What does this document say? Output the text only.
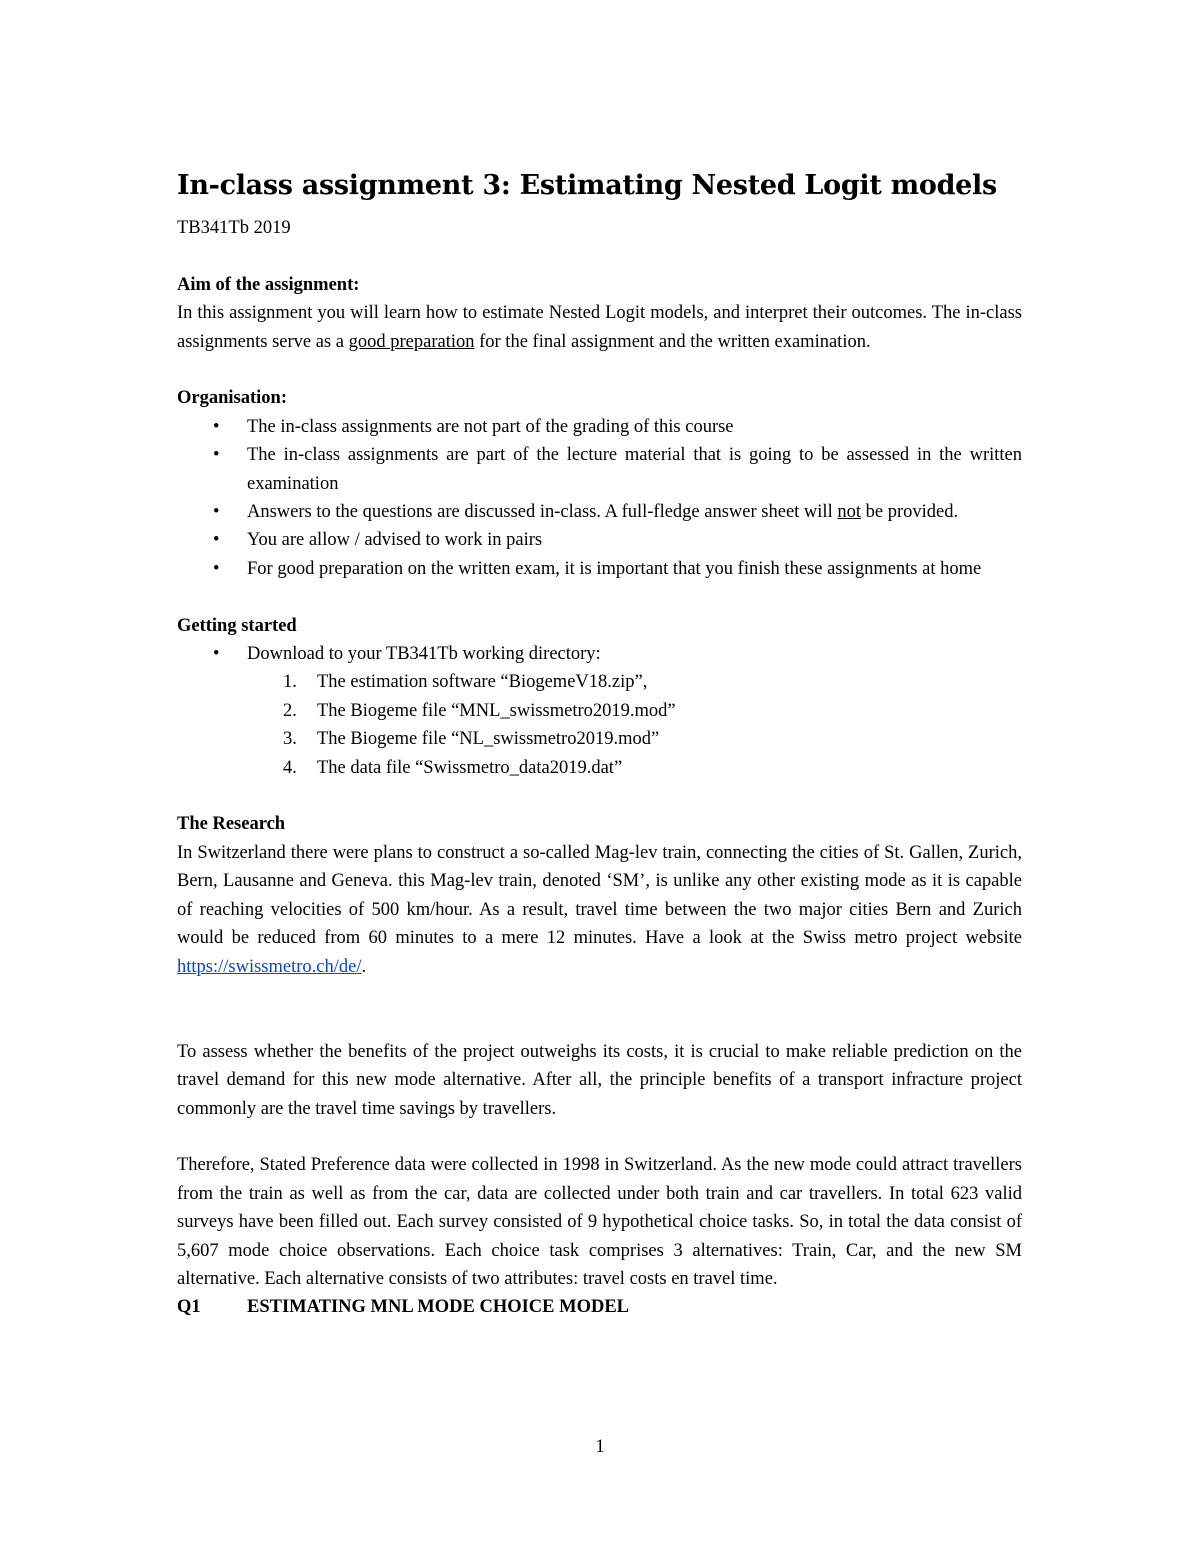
In-class assignment 3: Estimating Nested Logit models
TB341Tb 2019
Aim of the assignment:

In this assignment you will learn how to estimate Nested Logit models, and interpret their outcomes. The in-class assignments serve as a good preparation for the final assignment and the written examination.

Organisation:
• The in-class assignments are not part of the grading of this course
• The in-class assignments are part of the lecture material that is going to be assessed in the written examination
• Answers to the questions are discussed in-class. A full-fledge answer sheet will not be provided.
• You are allow / advised to work in pairs
• For good preparation on the written exam, it is important that you finish these assignments at home
Getting started
• Download to your TB341Tb working directory:
1. The estimation software “BiogemeV18.zip”,
2. The Biogeme file “MNL_swissmetro2019.mod”
3. The Biogeme file “NL_swissmetro2019.mod”
4. The data file “Swissmetro_data2019.dat”
The Research

In Switzerland there were plans to construct a so-called Mag-lev train, connecting the cities of St. Gallen, Zurich, Bern, Lausanne and Geneva. this Mag-lev train, denoted ‘SM’, is unlike any other existing mode as it is capable of reaching velocities of 500 km/hour. As a result, travel time between the two major cities Bern and Zurich would be reduced from 60 minutes to a mere 12 minutes. Have a look at the Swiss metro project website https://swissmetro.ch/de/.

To assess whether the benefits of the project outweighs its costs, it is crucial to make reliable prediction on the travel demand for this new mode alternative. After all, the principle benefits of a transport infracture project commonly are the travel time savings by travellers.

Therefore, Stated Preference data were collected in 1998 in Switzerland. As the new mode could attract travellers from the train as well as from the car, data are collected under both train and car travellers. In total 623 valid surveys have been filled out. Each survey consisted of 9 hypothetical choice tasks. So, in total the data consist of 5,607 mode choice observations. Each choice task comprises 3 alternatives: Train, Car, and the new SM alternative. Each alternative consists of two attributes: travel costs en travel time.

Q1	ESTIMATING MNL MODE CHOICE MODEL
1
